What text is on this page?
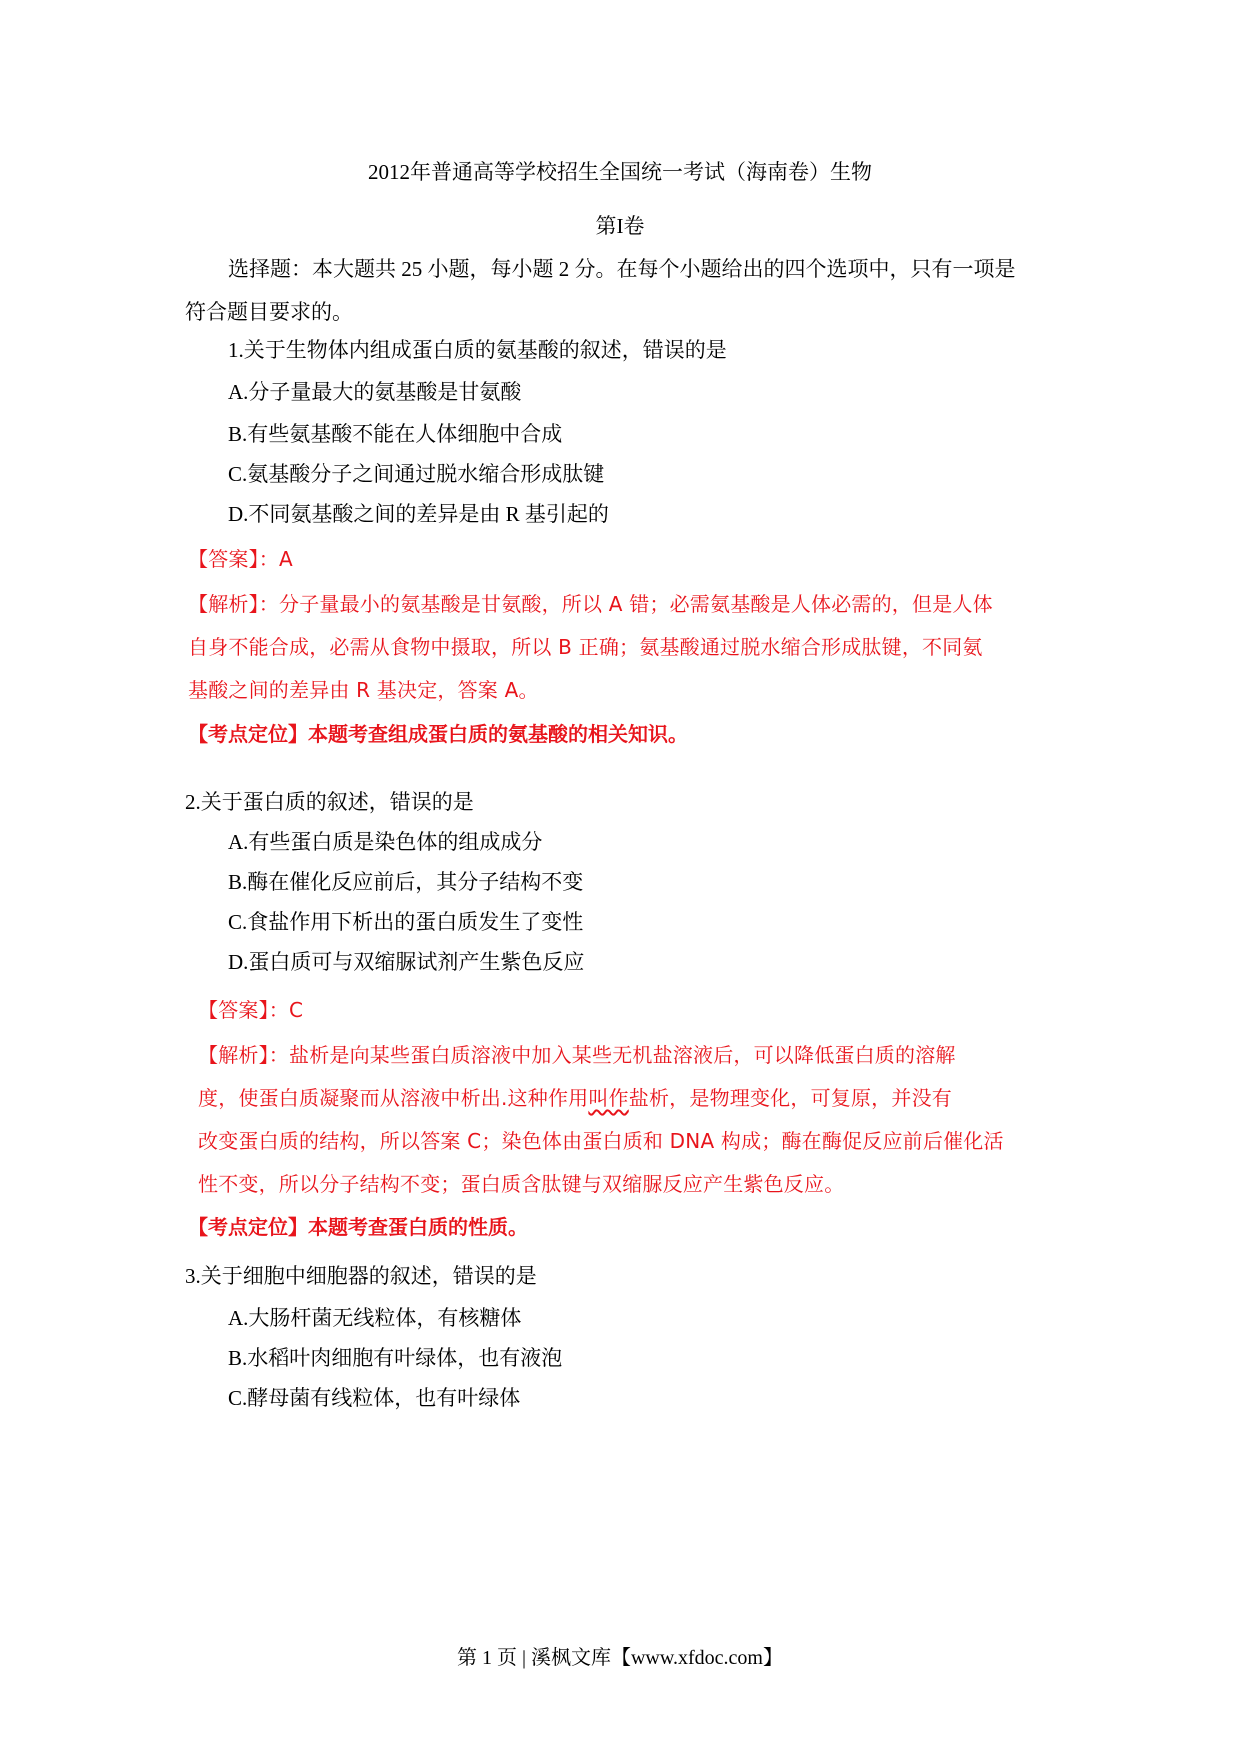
2012年普通高等学校招生全国统一考试（海南卷）生物
第I卷
选择题：本大题共 25 小题，每小题 2 分。在每个小题给出的四个选项中，只有一项是
符合题目要求的。
1.关于生物体内组成蛋白质的氨基酸的叙述，错误的是
A.分子量最大的氨基酸是甘氨酸
B.有些氨基酸不能在人体细胞中合成
C.氨基酸分子之间通过脱水缩合形成肽键
D.不同氨基酸之间的差异是由 R 基引起的
【答案】：A
【解析】：分子量最小的氨基酸是甘氨酸，所以 A 错；必需氨基酸是人体必需的，但是人体
自身不能合成，必需从食物中摄取，所以 B 正确；氨基酸通过脱水缩合形成肽键，不同氨
基酸之间的差异由 R 基决定，答案 A。
【考点定位】本题考查组成蛋白质的氨基酸的相关知识。
2.关于蛋白质的叙述，错误的是
A.有些蛋白质是染色体的组成成分
B.酶在催化反应前后，其分子结构不变
C.食盐作用下析出的蛋白质发生了变性
D.蛋白质可与双缩脲试剂产生紫色反应
【答案】：C
【解析】：盐析是向某些蛋白质溶液中加入某些无机盐溶液后，可以降低蛋白质的溶解
度，使蛋白质凝聚而从溶液中析出.这种作用叫作盐析，是物理变化，可复原，并没有
改变蛋白质的结构，所以答案 C；染色体由蛋白质和 DNA 构成；酶在酶促反应前后催化活
性不变，所以分子结构不变；蛋白质含肽键与双缩脲反应产生紫色反应。
【考点定位】本题考查蛋白质的性质。
3.关于细胞中细胞器的叙述，错误的是
A.大肠杆菌无线粒体，有核糖体
B.水稻叶肉细胞有叶绿体，也有液泡
C.酵母菌有线粒体，也有叶绿体
第 1 页 | 溪枫文库【www.xfdoc.com】
